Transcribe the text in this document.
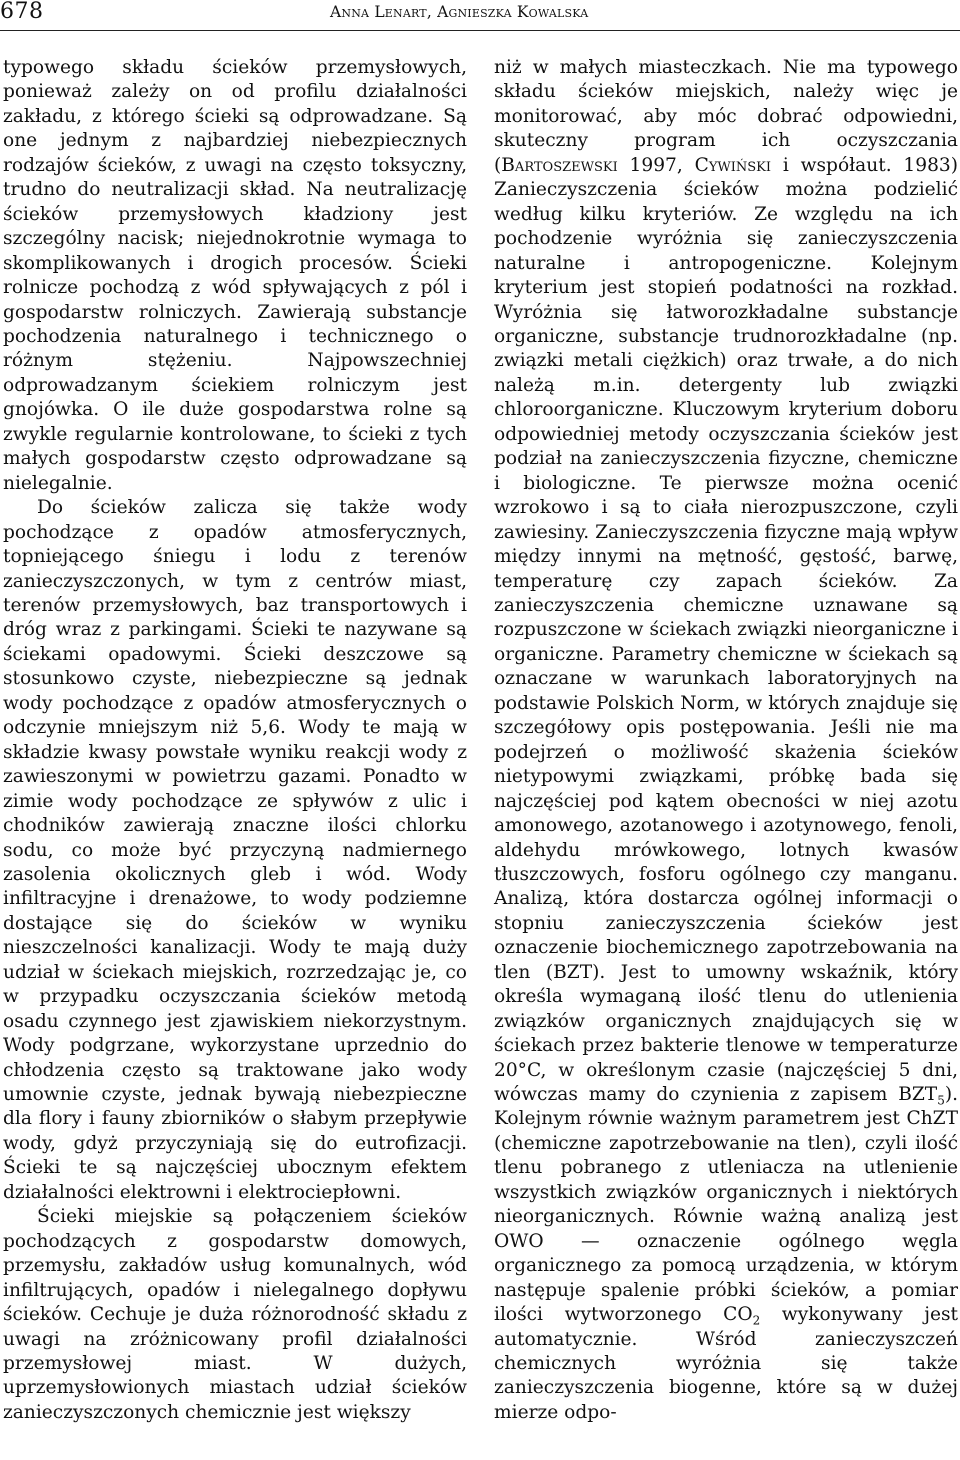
678	Anna Lenart, Agnieszka Kowalska

typowego składu ścieków przemysłowych, ponieważ zależy on od profilu działalności zakładu, z którego ścieki są odprowadzane. Są one jednym z najbardziej niebezpiecznych rodzajów ścieków, z uwagi na często toksyczny, trudno do neutralizacji skład. Na neutralizację ścieków przemysłowych kładziony jest szczególny nacisk; niejednokrotnie wymaga to skomplikowanych i drogich procesów. Ścieki rolnicze pochodzą z wód spływających z pól i gospodarstw rolniczych. Zawierają substancje pochodzenia naturalnego i technicznego o różnym stężeniu. Najpowszechniej odprowadzanym ściekiem rolniczym jest gnojówka. O ile duże gospodarstwa rolne są zwykle regularnie kontrolowane, to ścieki z tych małych gospodarstw często odprowadzane są nielegalnie.

Do ścieków zalicza się także wody pochodzące z opadów atmosferycznych, topniejącego śniegu i lodu z terenów zanieczyszczonych, w tym z centrów miast, terenów przemysłowych, baz transportowych i dróg wraz z parkingami. Ścieki te nazywane są ściekami opadowymi. Ścieki deszczowe są stosunkowo czyste, niebezpieczne są jednak wody pochodzące z opadów atmosferycznych o odczynie mniejszym niż 5,6. Wody te mają w składzie kwasy powstałe wyniku reakcji wody z zawieszonymi w powietrzu gazami. Ponadto w zimie wody pochodzące ze spływów z ulic i chodników zawierają znaczne ilości chlorku sodu, co może być przyczyną nadmiernego zasolenia okolicznych gleb i wód. Wody infiltracyjne i drenażowe, to wody podziemne dostające się do ścieków w wyniku nieszczelności kanalizacji. Wody te mają duży udział w ściekach miejskich, rozrzedzając je, co w przypadku oczyszczania ścieków metodą osadu czynnego jest zjawiskiem niekorzystnym. Wody podgrzane, wykorzystane uprzednio do chłodzenia często są traktowane jako wody umownie czyste, jednak bywają niebezpieczne dla flory i fauny zbiorników o słabym przepływie wody, gdyż przyczyniają się do eutrofizacji. Ścieki te są najczęściej ubocznym efektem działalności elektrowni i elektrociepłowni.

Ścieki miejskie są połączeniem ścieków pochodzących z gospodarstw domowych, przemysłu, zakładów usług komunalnych, wód infiltrujących, opadów i nielegalnego dopływu ścieków. Cechuje je duża różnorodność składu z uwagi na zróżnicowany profil działalności przemysłowej miast. W dużych, uprzemysłowionych miastach udział ścieków zanieczyszczonych chemicznie jest większy

niż w małych miasteczkach. Nie ma typowego składu ścieków miejskich, należy więc je monitorować, aby móc dobrać odpowiedni, skuteczny program ich oczyszczania (Bartoszewski 1997, Cywiński i współaut. 1983) Zanieczyszczenia ścieków można podzielić według kilku kryteriów. Ze względu na ich pochodzenie wyróżnia się zanieczyszczenia naturalne i antropogeniczne. Kolejnym kryterium jest stopień podatności na rozkład. Wyróżnia się łatworozkładalne substancje organiczne, substancje trudnorozkładalne (np. związki metali ciężkich) oraz trwałe, a do nich należą m.in. detergenty lub związki chloroorganiczne. Kluczowym kryterium doboru odpowiedniej metody oczyszczania ścieków jest podział na zanieczyszczenia fizyczne, chemiczne i biologiczne. Te pierwsze można ocenić wzrokowo i są to ciała nierozpuszczone, czyli zawiesiny. Zanieczyszczenia fizyczne mają wpływ między innymi na mętność, gęstość, barwę, temperaturę czy zapach ścieków. Za zanieczyszczenia chemiczne uznawane są rozpuszczone w ściekach związki nieorganiczne i organiczne. Parametry chemiczne w ściekach są oznaczane w warunkach laboratoryjnych na podstawie Polskich Norm, w których znajduje się szczegółowy opis postępowania. Jeśli nie ma podejrzeń o możliwość skażenia ścieków nietypowymi związkami, próbkę bada się najczęściej pod kątem obecności w niej azotu amonowego, azotanowego i azotynowego, fenoli, aldehydu mrówkowego, lotnych kwasów tłuszczowych, fosforu ogólnego czy manganu. Analizą, która dostarcza ogólnej informacji o stopniu zanieczyszczenia ścieków jest oznaczenie biochemicznego zapotrzebowania na tlen (BZT). Jest to umowny wskaźnik, który określa wymaganą ilość tlenu do utlenienia związków organicznych znajdujących się w ściekach przez bakterie tlenowe w temperaturze 20°C, w określonym czasie (najczęściej 5 dni, wówczas mamy do czynienia z zapisem $BZT_5$). Kolejnym równie ważnym parametrem jest ChZT (chemiczne zapotrzebowanie na tlen), czyli ilość tlenu pobranego z utleniacza na utlenienie wszystkich związków organicznych i niektórych nieorganicznych. Równie ważną analizą jest OWO — oznaczenie ogólnego węgla organicznego za pomocą urządzenia, w którym następuje spalenie próbki ścieków, a pomiar ilości wytworzonego $CO_2$ wykonywany jest automatycznie. Wśród zanieczyszczeń chemicznych wyróżnia się także zanieczyszczenia biogenne, które są w dużej mierze odpo-
